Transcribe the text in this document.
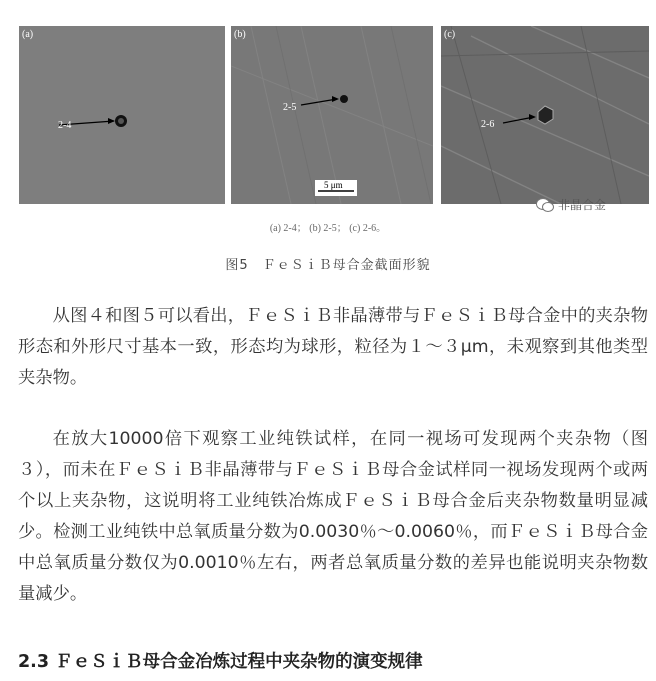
(a)
2-4
(b)
2-5
5 μm
(c)
2-6
非晶合金
(a) 2-4； (b) 2-5； (c) 2-6。
图5　ＦｅＳｉＢ母合金截面形貌
从图４和图５可以看出，ＦｅＳｉＢ非晶薄带与ＦｅＳｉＢ母合金中的夹杂物形态和外形尺寸基本一致，形态均为球形，粒径为１～３μm，未观察到其他类型夹杂物。
在放大10000倍下观察工业纯铁试样，在同一视场可发现两个夹杂物（图３），而未在ＦｅＳｉＢ非晶薄带与ＦｅＳｉＢ母合金试样同一视场发现两个或两个以上夹杂物，这说明将工业纯铁冶炼成ＦｅＳｉＢ母合金后夹杂物数量明显减少。检测工业纯铁中总氧质量分数为0.0030％～0.0060％，而ＦｅＳｉＢ母合金中总氧质量分数仅为0.0010％左右，两者总氧质量分数的差异也能说明夹杂物数量减少。
2.3 ＦｅＳｉＢ母合金冶炼过程中夹杂物的演变规律
